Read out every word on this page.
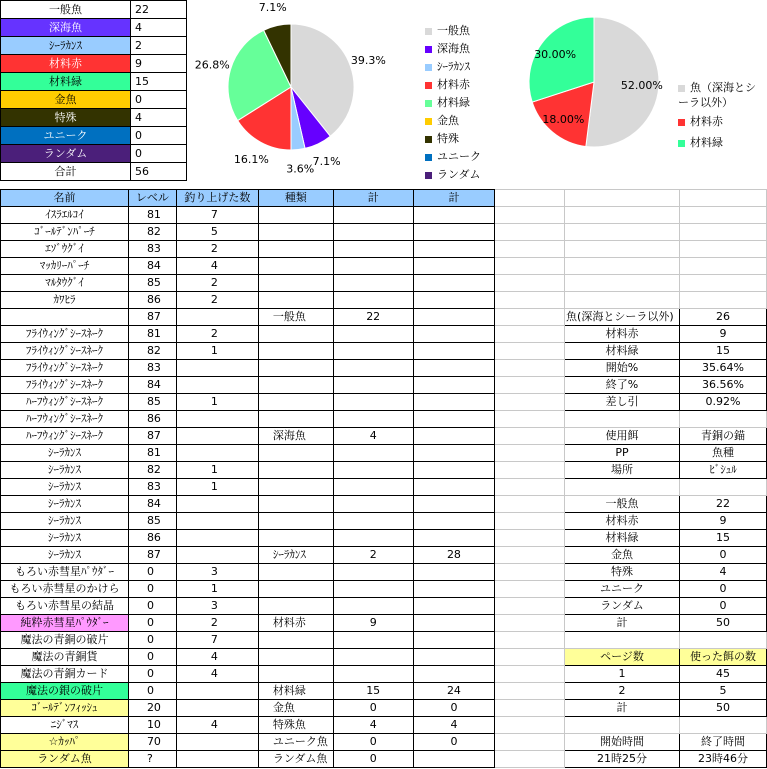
一般魚	22
深海魚	4
ｼｰﾗｶﾝｽ	2
材料赤	9
材料緑	15
金魚	0
特殊	4
ユニーク	0
ランダム	0
合計	56
39.3%
7.1%
3.6%
16.1%
26.8%
7.1%
一般魚
深海魚
ｼｰﾗｶﾝｽ
材料赤
材料緑
金魚
特殊
ユニーク
ランダム
52.00%
18.00%
30.00%
魚（深海とシーラ以外）
材料赤
材料緑
名前	レベル	釣り上げた数	種類	計	計			
ｲｽﾗｴﾙｺｲ	81	7						
ｺﾞｰﾙﾃﾞﾝﾊﾟｰﾁ	82	5						
ｴｿﾞｳｸﾞｲ	83	2						
ﾏｯｶﾘｰﾊﾟｰﾁ	84	4						
ﾏﾙﾀｳｸﾞｲ	85	2						
ｶﾜﾋﾗ	86	2						
	87		一般魚	22			魚(深海とシーラ以外)	26
ﾌﾗｲｳｨﾝｸﾞｼｰｽﾈｰｸ	81	2					材料赤	9
ﾌﾗｲｳｨﾝｸﾞｼｰｽﾈｰｸ	82	1					材料緑	15
ﾌﾗｲｳｨﾝｸﾞｼｰｽﾈｰｸ	83						開始%	35.64%
ﾌﾗｲｳｨﾝｸﾞｼｰｽﾈｰｸ	84						終了%	36.56%
ﾊｰﾌｳｨﾝｸﾞｼｰｽﾈｰｸ	85	1					差し引	0.92%
ﾊｰﾌｳｨﾝｸﾞｼｰｽﾈｰｸ	86							
ﾊｰﾌｳｨﾝｸﾞｼｰｽﾈｰｸ	87		深海魚	4			使用餌	青銅の錨
ｼｰﾗｶﾝｽ	81						PP	魚種
ｼｰﾗｶﾝｽ	82	1					場所	ﾋﾞｼｭﾙ
ｼｰﾗｶﾝｽ	83	1						
ｼｰﾗｶﾝｽ	84						一般魚	22
ｼｰﾗｶﾝｽ	85						材料赤	9
ｼｰﾗｶﾝｽ	86						材料緑	15
ｼｰﾗｶﾝｽ	87		ｼｰﾗｶﾝｽ	2	28		金魚	0
もろい赤彗星ﾊﾟｳﾀﾞｰ	0	3					特殊	4
もろい赤彗星のかけら	0	1					ユニーク	0
もろい赤彗星の結晶	0	3					ランダム	0
純粋赤彗星ﾊﾟｳﾀﾞｰ	0	2	材料赤	9			計	50
魔法の青銅の破片	0	7						
魔法の青銅貨	0	4					ページ数	使った餌の数
魔法の青銅カード	0	4					1	45
魔法の銀の破片	0		材料緑	15	24		2	5
ｺﾞｰﾙﾃﾞﾝﾌｨｯｼｭ	20		金魚	0	0		計	50
ﾆｼﾞﾏｽ	10	4	特殊魚	4	4			
☆ｶｯﾊﾟ	70		ユニーク魚	0	0		開始時間	終了時間
ランダム魚	?		ランダム魚	0			21時25分	23時46分
